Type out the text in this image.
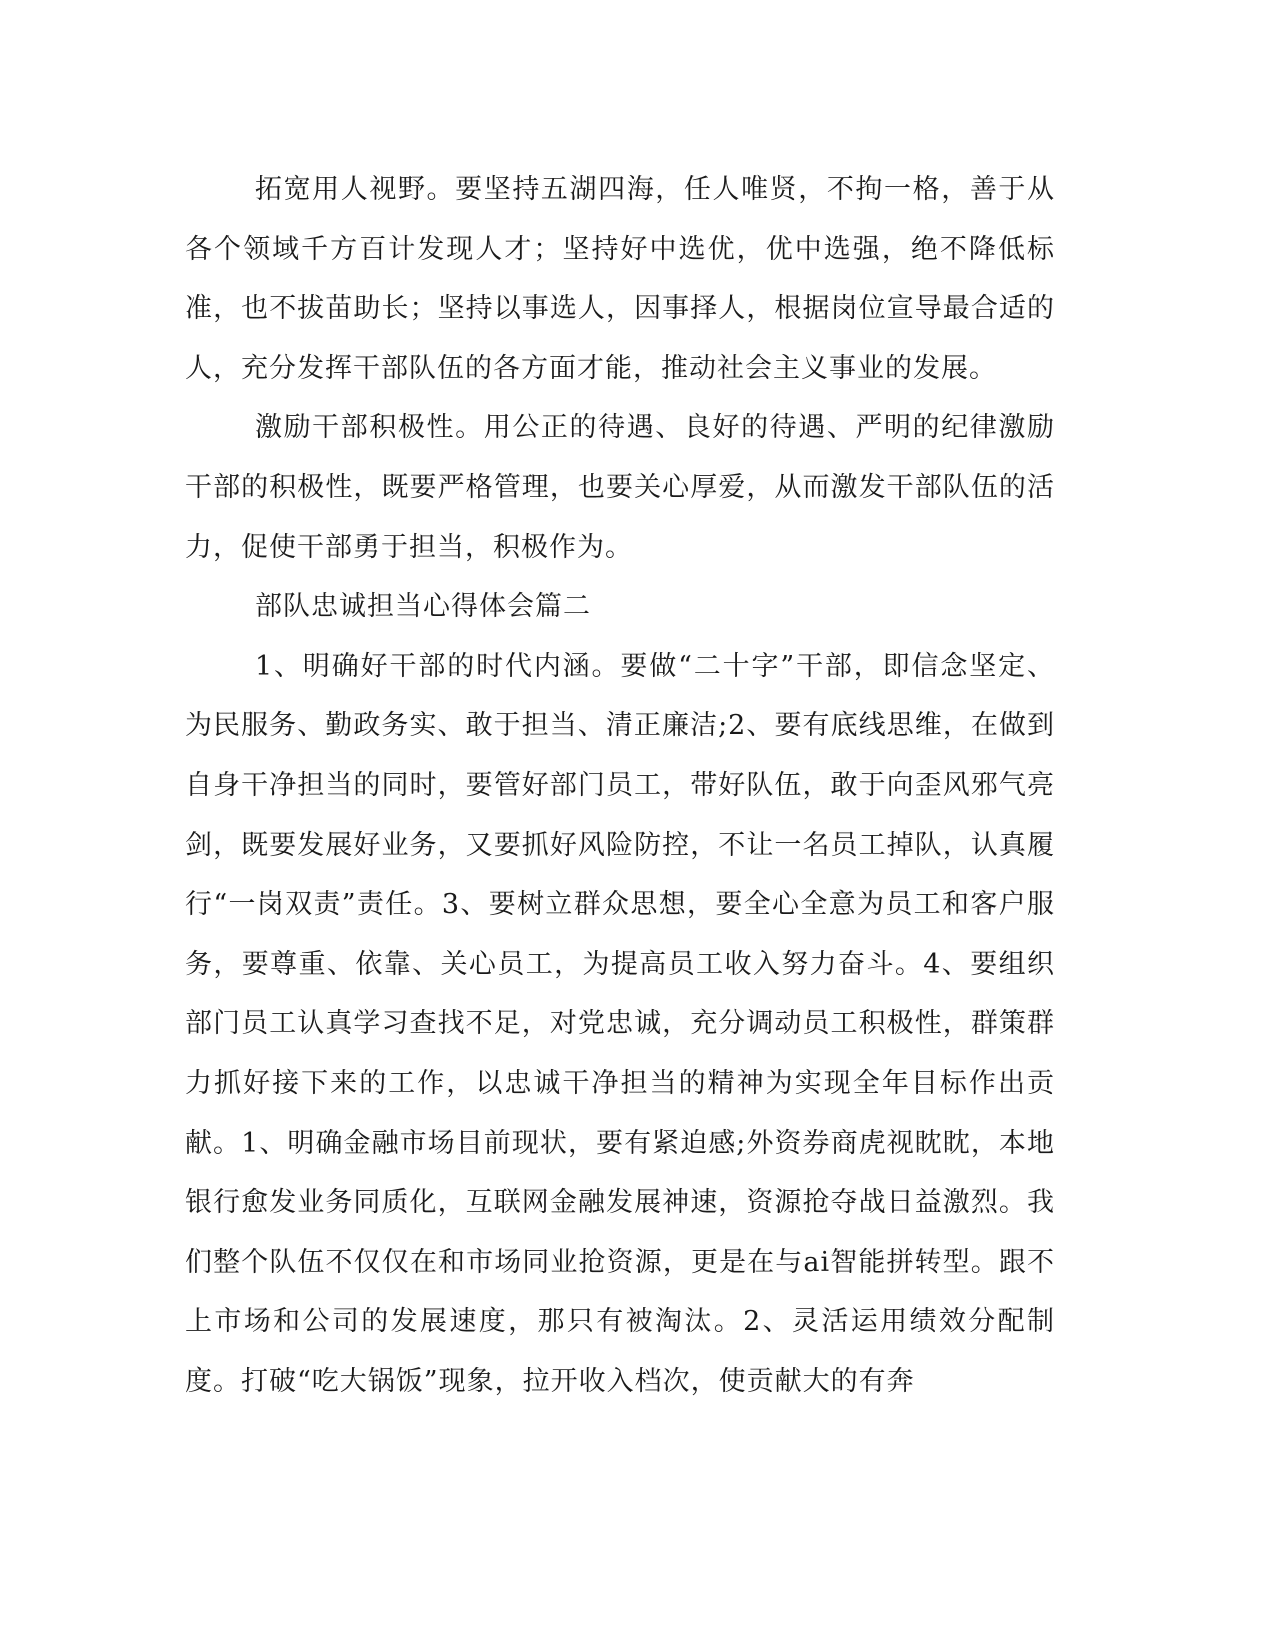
拓宽用人视野。要坚持五湖四海，任人唯贤，不拘一格，善于从各个领域千方百计发现人才；坚持好中选优，优中选强，绝不降低标准，也不拔苗助长；坚持以事选人，因事择人，根据岗位宣导最合适的人，充分发挥干部队伍的各方面才能，推动社会主义事业的发展。

激励干部积极性。用公正的待遇、良好的待遇、严明的纪律激励干部的积极性，既要严格管理，也要关心厚爱，从而激发干部队伍的活力，促使干部勇于担当，积极作为。

部队忠诚担当心得体会篇二

1、明确好干部的时代内涵。要做“二十字”干部，即信念坚定、为民服务、勤政务实、敢于担当、清正廉洁;2、要有底线思维，在做到自身干净担当的同时，要管好部门员工，带好队伍，敢于向歪风邪气亮剑，既要发展好业务，又要抓好风险防控，不让一名员工掉队，认真履行“一岗双责”责任。3、要树立群众思想，要全心全意为员工和客户服务，要尊重、依靠、关心员工，为提高员工收入努力奋斗。4、要组织部门员工认真学习查找不足，对党忠诚，充分调动员工积极性，群策群力抓好接下来的工作，以忠诚干净担当的精神为实现全年目标作出贡献。1、明确金融市场目前现状，要有紧迫感;外资券商虎视眈眈，本地银行愈发业务同质化，互联网金融发展神速，资源抢夺战日益激烈。我们整个队伍不仅仅在和市场同业抢资源，更是在与ai智能拼转型。跟不上市场和公司的发展速度，那只有被淘汰。2、灵活运用绩效分配制度。打破“吃大锅饭”现象，拉开收入档次，使贡献大的有奔
